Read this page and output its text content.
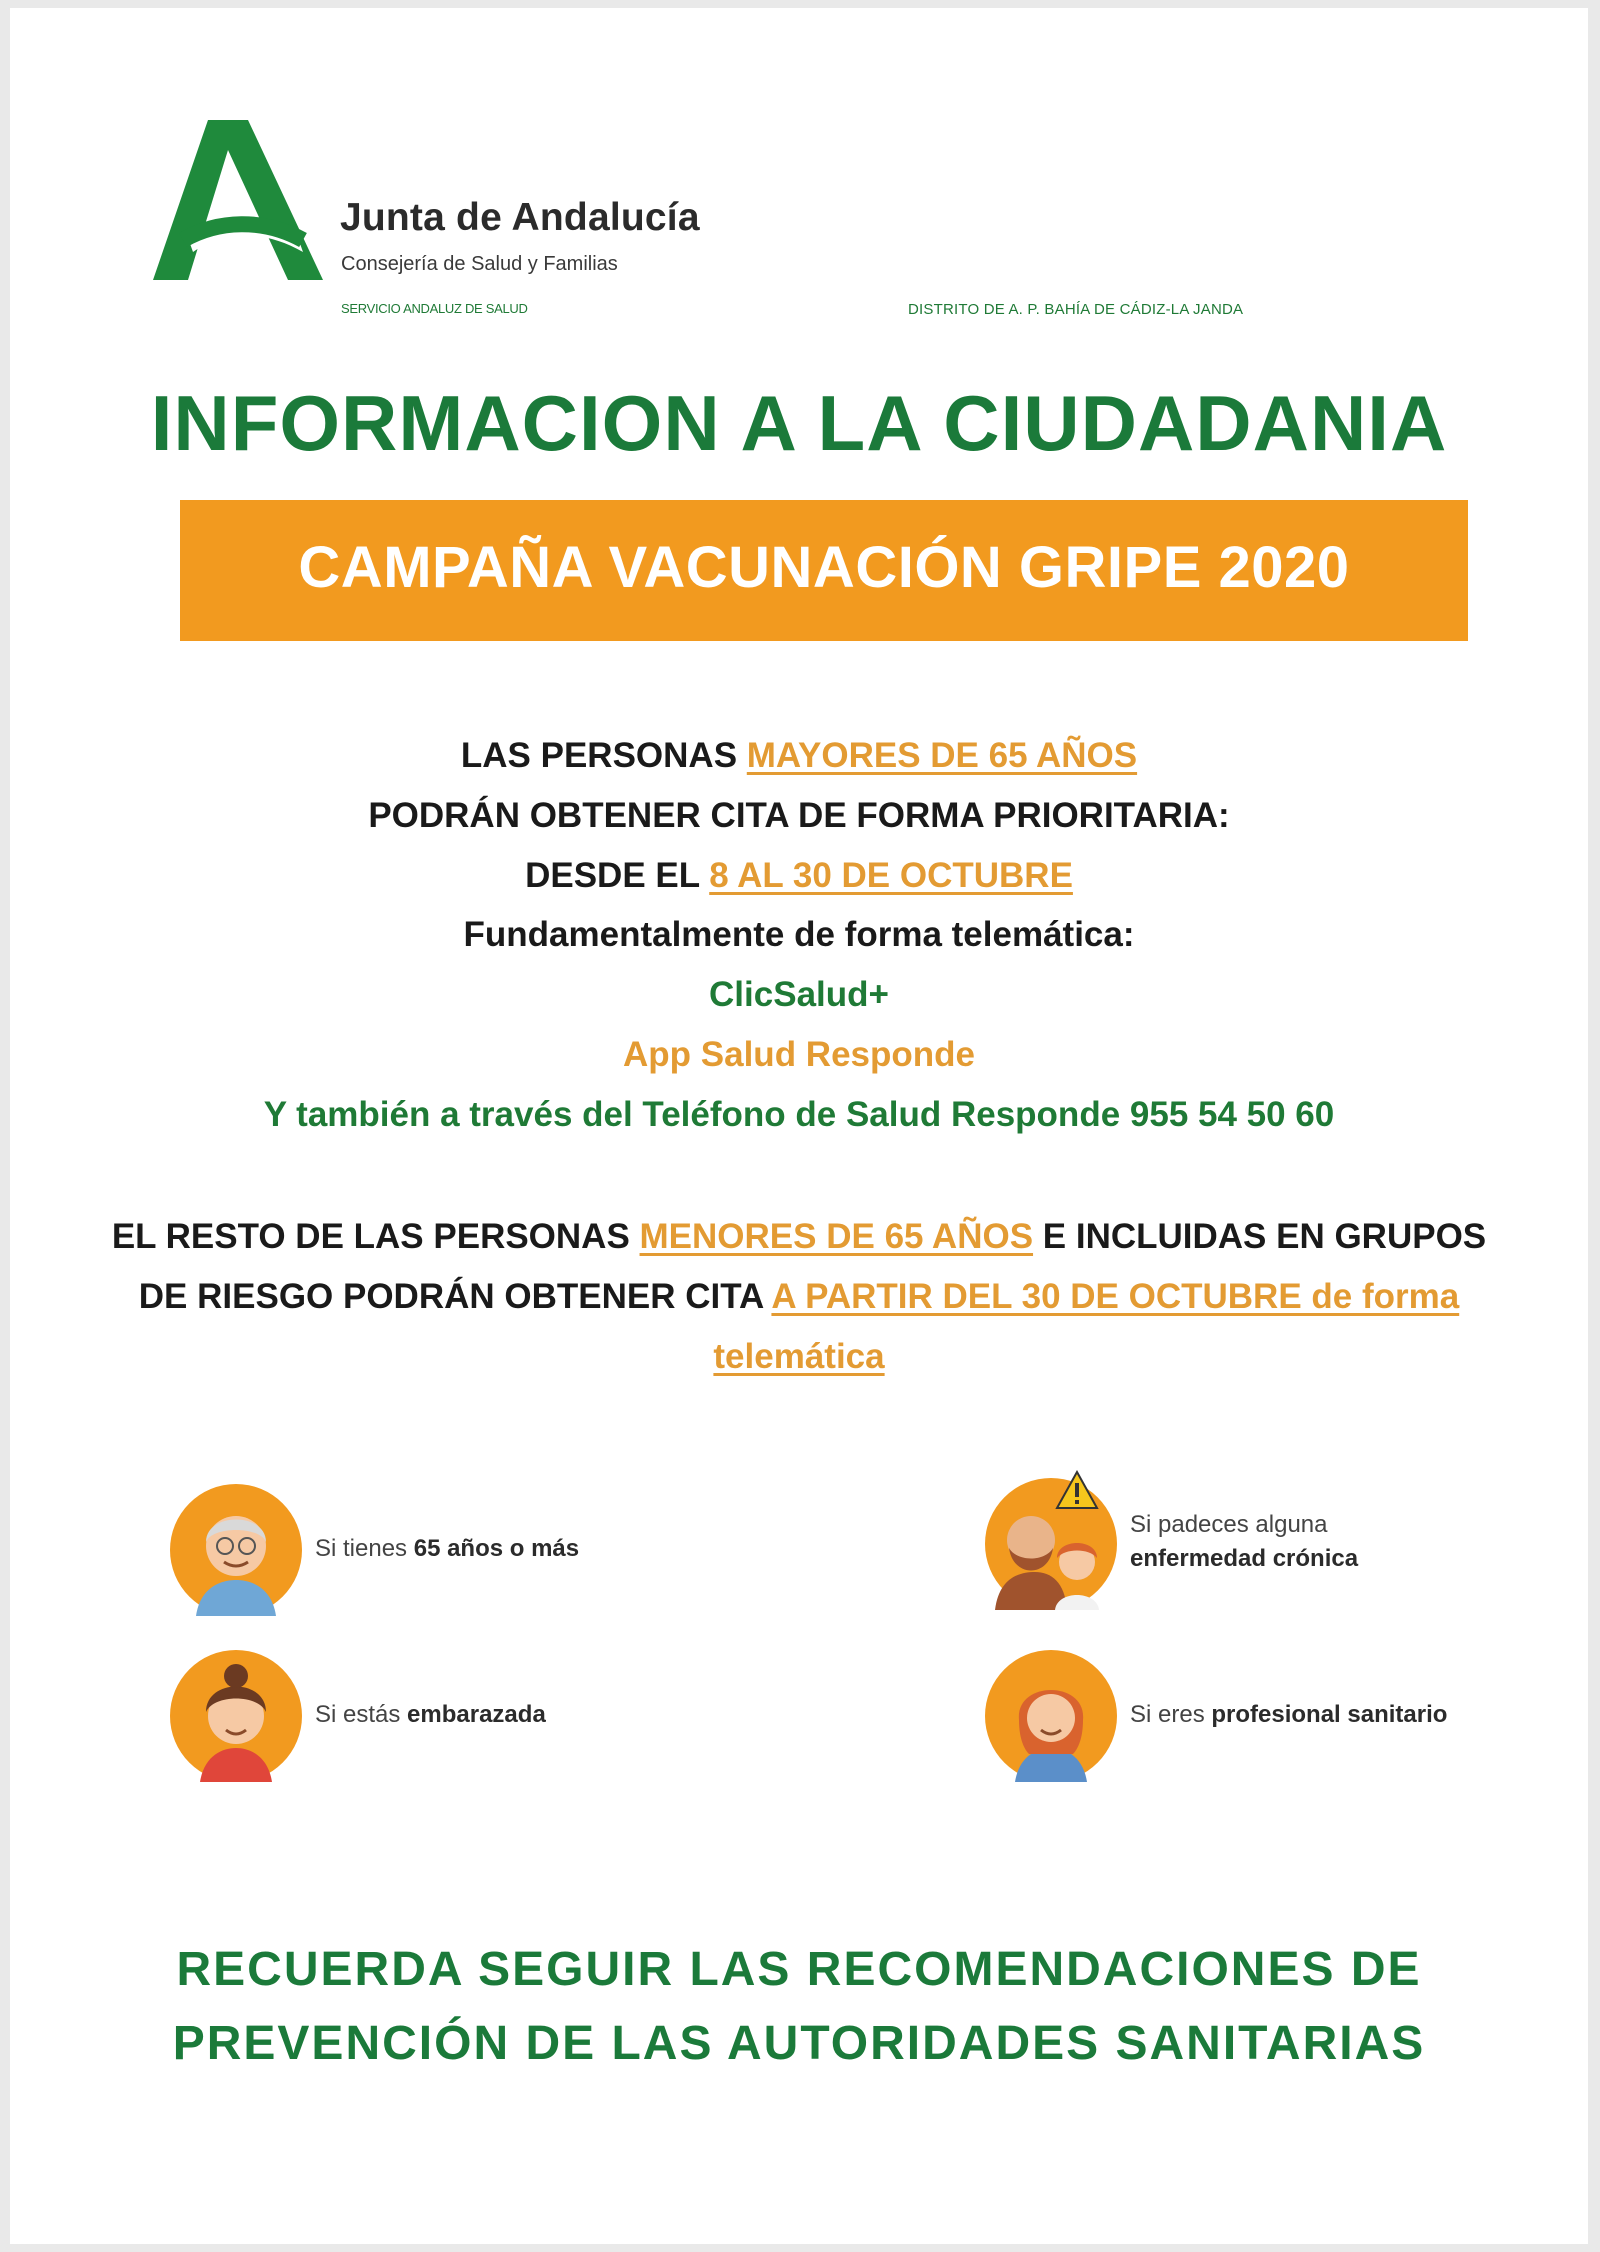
Junta de Andalucía
Consejería de Salud y Familias
SERVICIO ANDALUZ DE SALUD	DISTRITO DE A. P. BAHÍA DE CÁDIZ-LA JANDA
INFORMACION A LA CIUDADANIA
CAMPAÑA VACUNACIÓN GRIPE 2020
LAS PERSONAS MAYORES DE 65 AÑOS
PODRÁN OBTENER CITA DE FORMA PRIORITARIA:
DESDE EL 8 AL 30 DE OCTUBRE
Fundamentalmente de forma telemática:
ClicSalud+
App Salud Responde
Y también a través del Teléfono de Salud Responde 955 54 50 60
EL RESTO DE LAS PERSONAS MENORES DE 65 AÑOS E INCLUIDAS EN GRUPOS DE RIESGO PODRÁN OBTENER CITA A PARTIR DEL 30 DE OCTUBRE de forma telemática
Si tienes 65 años o más
Si padeces alguna
enfermedad crónica
Si estás embarazada	Si eres profesional sanitario
RECUERDA SEGUIR LAS RECOMENDACIONES DE
PREVENCIÓN DE LAS AUTORIDADES SANITARIAS
